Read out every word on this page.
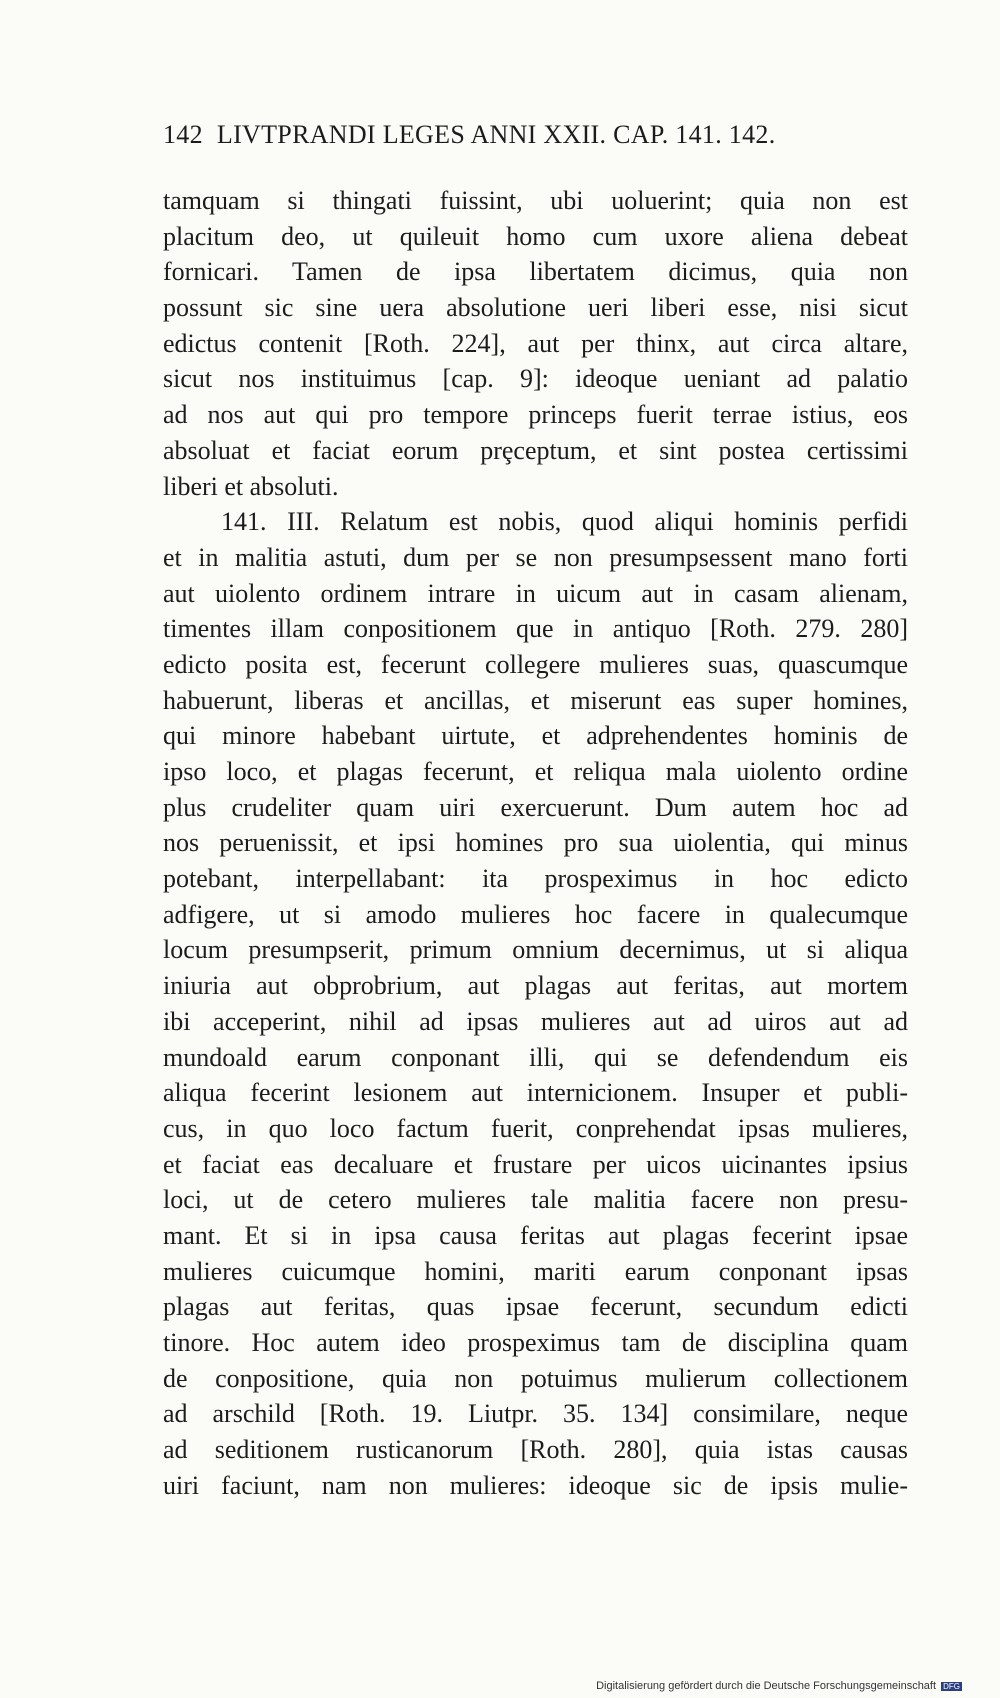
142 LIVTPRANDI LEGES ANNI XXII. CAP. 141. 142.
tamquam si thingati fuissint, ubi uoluerint; quia non est
placitum deo, ut quileuit homo cum uxore aliena debeat
fornicari. Tamen de ipsa libertatem dicimus, quia non
possunt sic sine uera absolutione ueri liberi esse, nisi sicut
edictus contenit [Roth. 224], aut per thinx, aut circa altare,
sicut nos instituimus [cap. 9]: ideoque ueniant ad palatio
ad nos aut qui pro tempore princeps fuerit terrae istius, eos
absoluat et faciat eorum prȩceptum, et sint postea certissimi
liberi et absoluti.
141. III. Relatum est nobis, quod aliqui hominis perfidi
et in malitia astuti, dum per se non presumpsessent mano forti
aut uiolento ordinem intrare in uicum aut in casam alienam,
timentes illam conpositionem que in antiquo [Roth. 279. 280]
edicto posita est, fecerunt collegere mulieres suas, quascumque
habuerunt, liberas et ancillas, et miserunt eas super homines,
qui minore habebant uirtute, et adprehendentes hominis de
ipso loco, et plagas fecerunt, et reliqua mala uiolento ordine
plus crudeliter quam uiri exercuerunt. Dum autem hoc ad
nos peruenissit, et ipsi homines pro sua uiolentia, qui minus
potebant, interpellabant: ita prospeximus in hoc edicto
adfigere, ut si amodo mulieres hoc facere in qualecumque
locum presumpserit, primum omnium decernimus, ut si aliqua
iniuria aut obprobrium, aut plagas aut feritas, aut mortem
ibi acceperint, nihil ad ipsas mulieres aut ad uiros aut ad
mundoald earum conponant illi, qui se defendendum eis
aliqua fecerint lesionem aut internicionem. Insuper et publi-
cus, in quo loco factum fuerit, conprehendat ipsas mulieres,
et faciat eas decaluare et frustare per uicos uicinantes ipsius
loci, ut de cetero mulieres tale malitia facere non presu-
mant. Et si in ipsa causa feritas aut plagas fecerint ipsae
mulieres cuicumque homini, mariti earum conponant ipsas
plagas aut feritas, quas ipsae fecerunt, secundum edicti
tinore. Hoc autem ideo prospeximus tam de disciplina quam
de conpositione, quia non potuimus mulierum collectionem
ad arschild [Roth. 19. Liutpr. 35. 134] consimilare, neque
ad seditionem rusticanorum [Roth. 280], quia istas causas
uiri faciunt, nam non mulieres: ideoque sic de ipsis mulie-
Digitalisierung gefördert durch die Deutsche Forschungsgemeinschaft DFG
